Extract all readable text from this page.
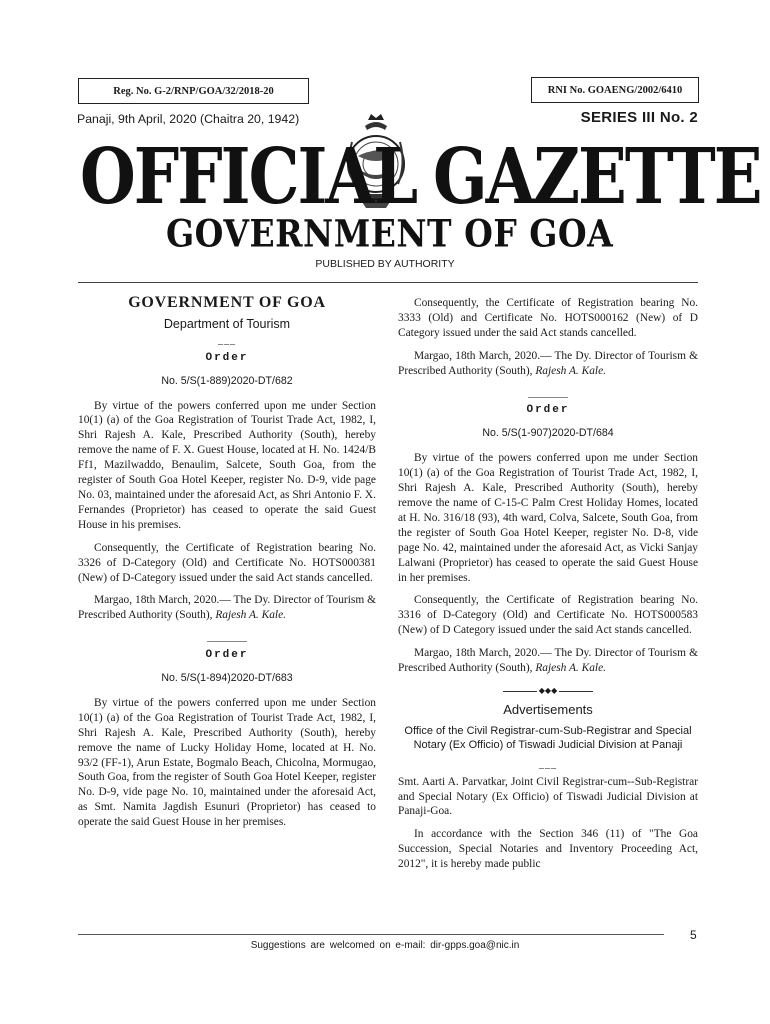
Reg. No. G-2/RNP/GOA/32/2018-20	RNI No. GOAENG/2002/6410
Panaji, 9th April, 2020 (Chaitra 20, 1942)	SERIES III No. 2
OFFICIAL GAZETTE
GOVERNMENT OF GOA
PUBLISHED BY AUTHORITY
GOVERNMENT OF GOA
Department of Tourism
___
Order
No. 5/S(1-889)2020-DT/682

By virtue of the powers conferred upon me under Section 10(1) (a) of the Goa Registration of Tourist Trade Act, 1982, I, Shri Rajesh A. Kale, Prescribed Authority (South), hereby remove the name of F. X. Guest House, located at H. No. 1424/B Ff1, Mazilwaddo, Benaulim, Salcete, South Goa, from the register of South Goa Hotel Keeper, register No. D-9, vide page No. 03, maintained under the aforesaid Act, as Shri Antonio F. X. Fernandes (Proprietor) has ceased to operate the said Guest House in his premises.

Consequently, the Certificate of Registration bearing No. 3326 of D-Category (Old) and Certificate No. HOTS000381 (New) of D-Category issued under the said Act stands cancelled.

Margao, 18th March, 2020.— The Dy. Director of Tourism & Prescribed Authority (South), Rajesh A. Kale.

________
Order
No. 5/S(1-894)2020-DT/683

By virtue of the powers conferred upon me under Section 10(1) (a) of the Goa Registration of Tourist Trade Act, 1982, I, Shri Rajesh A. Kale, Prescribed Authority (South), hereby remove the name of Lucky Holiday Home, located at H. No. 93/2 (FF-1), Arun Estate, Bogmalo Beach, Chicolna, Mormugao, South Goa, from the register of South Goa Hotel Keeper, register No. D-9, vide page No. 10, maintained under the aforesaid Act, as Smt. Namita Jagdish Esunuri (Proprietor) has ceased to operate the said Guest House in her premises.

Consequently, the Certificate of Registration bearing No. 3333 (Old) and Certificate No. HOTS000162 (New) of D Category issued under the said Act stands cancelled.

Margao, 18th March, 2020.— The Dy. Director of Tourism & Prescribed Authority (South), Rajesh A. Kale.

________
Order
No. 5/S(1-907)2020-DT/684

By virtue of the powers conferred upon me under Section 10(1) (a) of the Goa Registration of Tourist Trade Act, 1982, I, Shri Rajesh A. Kale, Prescribed Authority (South), hereby remove the name of C-15-C Palm Crest Holiday Homes, located at H. No. 316/18 (93), 4th ward, Colva, Salcete, South Goa, from the register of South Goa Hotel Keeper, register No. D-8, vide page No. 42, maintained under the aforesaid Act, as Vicki Sanjay Lalwani (Proprietor) has ceased to operate the said Guest House in her premises.

Consequently, the Certificate of Registration bearing No. 3316 of D-Category (Old) and Certificate No. HOTS000583 (New) of D Category issued under the said Act stands cancelled.

Margao, 18th March, 2020.— The Dy. Director of Tourism & Prescribed Authority (South), Rajesh A. Kale.

◆◆◆
Advertisements
Office of the Civil Registrar-cum-Sub-Registrar and Special Notary (Ex Officio) of Tiswadi Judicial Division at Panaji
___

Smt. Aarti A. Parvatkar, Joint Civil Registrar-cum--Sub-Registrar and Special Notary (Ex Officio) of Tiswadi Judicial Division at Panaji-Goa.

In accordance with the Section 346 (11) of "The Goa Succession, Special Notaries and Inventory Proceeding Act, 2012", it is hereby made public

5
Suggestions are welcomed on e-mail: dir-gpps.goa@nic.in
